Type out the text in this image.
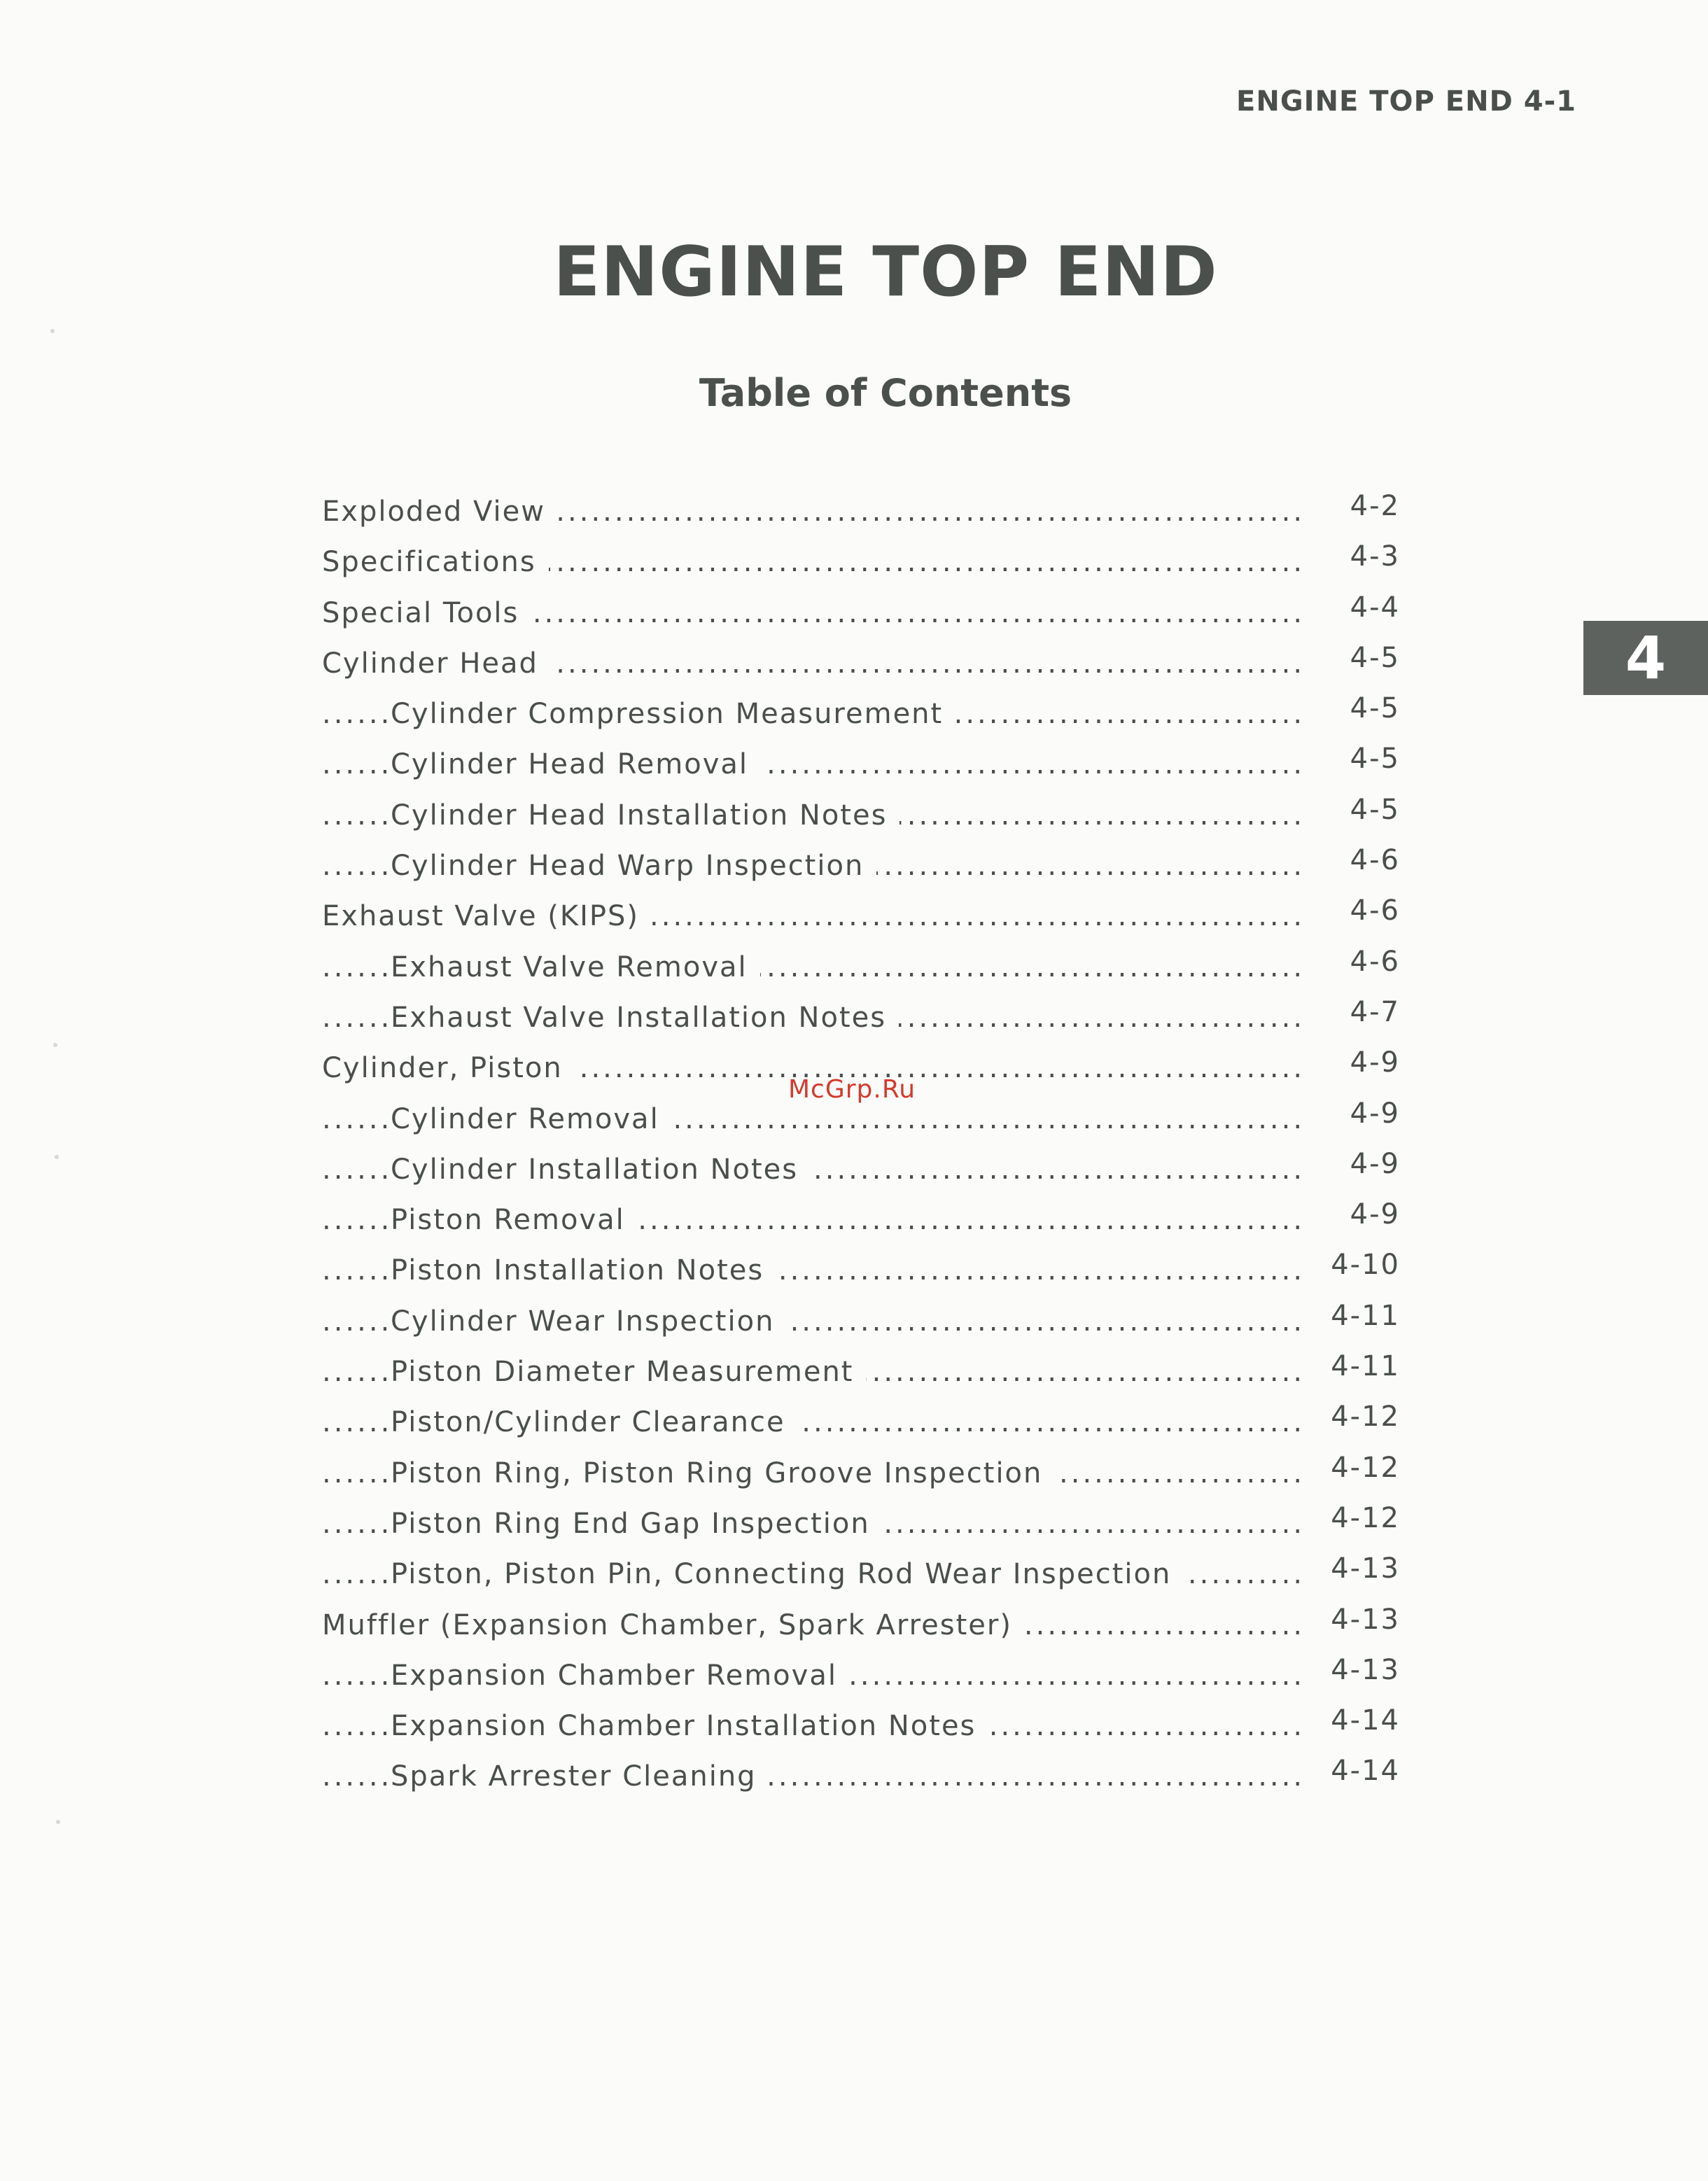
ENGINE TOP END 4-1
ENGINE TOP END
Table of Contents
4
.....
Exploded View	4-2
.....
Specifications	4-3
.....
Special Tools	4-4
.....
Cylinder Head	4-5
.....
Cylinder Compression Measurement	4-5
.....
Cylinder Head Removal	4-5
.....
Cylinder Head Installation Notes	4-5
.....
Cylinder Head Warp Inspection	4-6
.....
Exhaust Valve (KIPS)	4-6
.....
Exhaust Valve Removal	4-6
.....
Exhaust Valve Installation Notes	4-7
.....
Cylinder, Piston	4-9
.....
Cylinder Removal	4-9
.....
Cylinder Installation Notes	4-9
.....
Piston Removal	4-9
.....
Piston Installation Notes	4-10
.....
Cylinder Wear Inspection	4-11
.....
Piston Diameter Measurement	4-11
.....
Piston/Cylinder Clearance	4-12
.....
Piston Ring, Piston Ring Groove Inspection	4-12
.....
Piston Ring End Gap Inspection	4-12
.....
Piston, Piston Pin, Connecting Rod Wear Inspection	4-13
.....
Muffler (Expansion Chamber, Spark Arrester)	4-13
.....
Expansion Chamber Removal	4-13
.....
Expansion Chamber Installation Notes	4-14
.....
Spark Arrester Cleaning	4-14
McGrp.Ru
